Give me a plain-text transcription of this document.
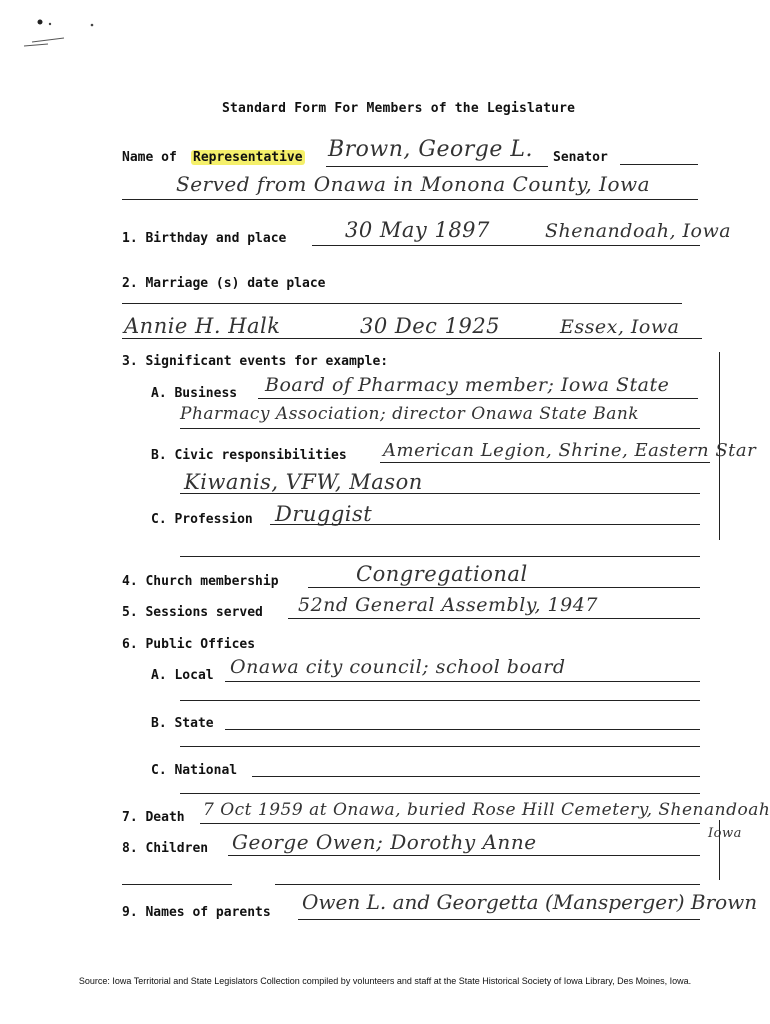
Standard Form For Members of the Legislature
Name of Representative Brown, George L. Senator
Served from Onawa in Monona County, Iowa
1. Birthday and place	30 May 1897	Shenandoah, Iowa
2. Marriage (s) date place
Annie H. Halk	30 Dec 1925	Essex, Iowa
3. Significant events for example:
A. Business Board of Pharmacy member; Iowa State
Pharmacy Association; director Onawa State Bank
B. Civic responsibilities American Legion, Shrine, Eastern Star
Kiwanis, VFW, Mason
C. Profession Druggist
4. Church membership	Congregational
5. Sessions served 52nd General Assembly, 1947
6. Public Offices
A. Local Onawa city council; school board
B. State
C. National
7. Death 7 Oct 1959 at Onawa, buried Rose Hill Cemetery, Shenandoah
Iowa
8. Children George Owen; Dorothy Anne
9. Names of parents Owen L. and Georgetta (Mansperger) Brown
Source: Iowa Territorial and State Legislators Collection compiled by volunteers and staff at the State Historical Society of Iowa Library, Des Moines, Iowa.
